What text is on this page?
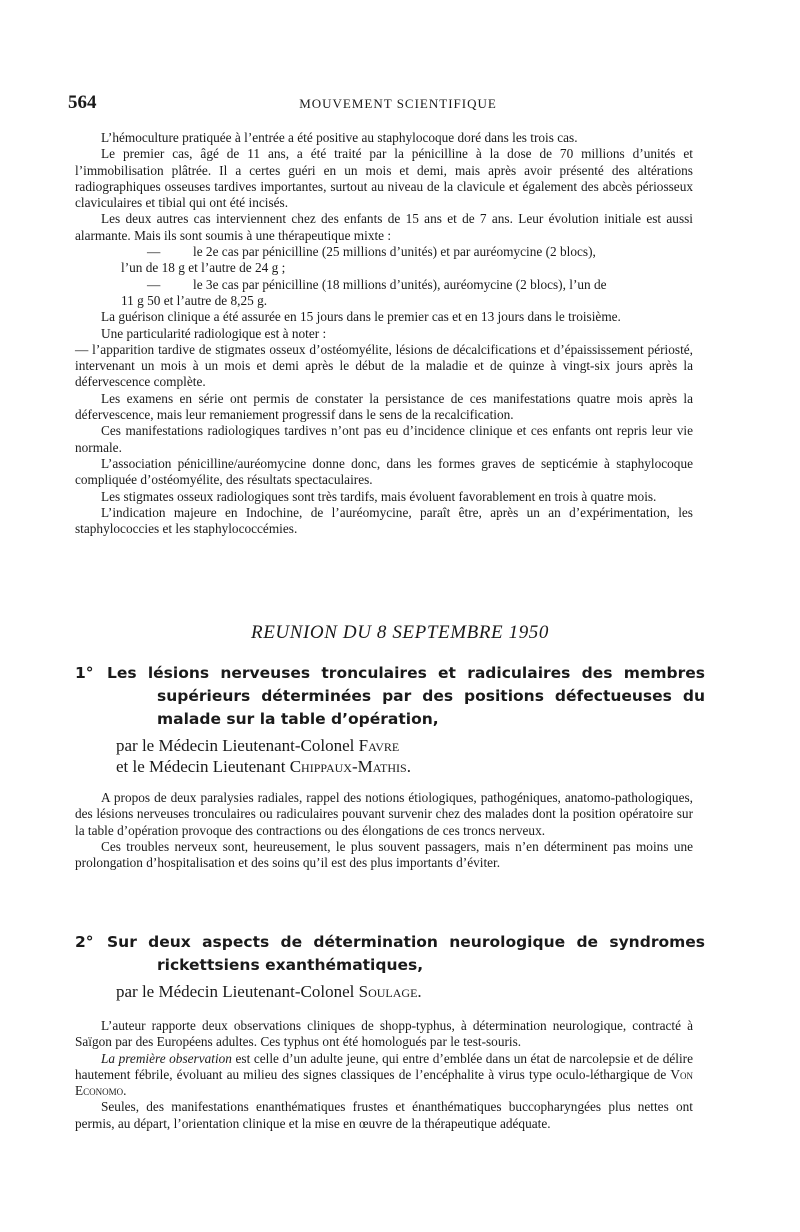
564	MOUVEMENT SCIENTIFIQUE

L’hémoculture pratiquée à l’entrée a été positive au staphylocoque doré dans les trois cas.

Le premier cas, âgé de 11 ans, a été traité par la pénicilline à la dose de 70 millions d’unités et l’immobilisation plâtrée. Il a certes guéri en un mois et demi, mais après avoir présenté des altérations radiographiques osseuses tardives importantes, surtout au niveau de la clavicule et également des abcès périosseux claviculaires et tibial qui ont été incisés.

Les deux autres cas interviennent chez des enfants de 15 ans et de 7 ans. Leur évolution initiale est aussi alarmante. Mais ils sont soumis à une thérapeutique mixte :

— le 2e cas par pénicilline (25 millions d’unités) et par auréomycine (2 blocs),
l’un de 18 g et l’autre de 24 g ;

— le 3e cas par pénicilline (18 millions d’unités), auréomycine (2 blocs), l’un de
11 g 50 et l’autre de 8,25 g.

La guérison clinique a été assurée en 15 jours dans le premier cas et en 13 jours dans le troisième.

Une particularité radiologique est à noter :

— l’apparition tardive de stigmates osseux d’ostéomyélite, lésions de décalcifications et d’épaississement périosté, intervenant un mois à un mois et demi après le début de la maladie et de quinze à vingt-six jours après la défervescence complète.

Les examens en série ont permis de constater la persistance de ces manifestations quatre mois après la défervescence, mais leur remaniement progressif dans le sens de la recalcification.

Ces manifestations radiologiques tardives n’ont pas eu d’incidence clinique et ces enfants ont repris leur vie normale.

L’association pénicilline/auréomycine donne donc, dans les formes graves de septicémie à staphylocoque compliquée d’ostéomyélite, des résultats spectaculaires.

Les stigmates osseux radiologiques sont très tardifs, mais évoluent favorablement en trois à quatre mois.

L’indication majeure en Indochine, de l’auréomycine, paraît être, après un an d’expérimentation, les staphylococcies et les staphylococcémies.

REUNION DU 8 SEPTEMBRE 1950
1° Les lésions nerveuses tronculaires et radiculaires des membres supérieurs déterminées par des positions défectueuses du malade sur la table d’opération,
par le Médecin Lieutenant-Colonel Favre
et le Médecin Lieutenant Chippaux-Mathis.

A propos de deux paralysies radiales, rappel des notions étiologiques, pathogéniques, anatomo-pathologiques, des lésions nerveuses tronculaires ou radiculaires pouvant survenir chez des malades dont la position opératoire sur la table d’opération provoque des contractions ou des élongations de ces troncs nerveux.

Ces troubles nerveux sont, heureusement, le plus souvent passagers, mais n’en déterminent pas moins une prolongation d’hospitalisation et des soins qu’il est des plus importants d’éviter.

2° Sur deux aspects de détermination neurologique de syndromes rickettsiens exanthématiques,
par le Médecin Lieutenant-Colonel Soulage.

L’auteur rapporte deux observations cliniques de shopp-typhus, à détermination neurologique, contracté à Saïgon par des Européens adultes. Ces typhus ont été homologués par le test-souris.

La première observation est celle d’un adulte jeune, qui entre d’emblée dans un état de narcolepsie et de délire hautement fébrile, évoluant au milieu des signes classiques de l’encéphalite à virus type oculo-léthargique de Von Economo.

Seules, des manifestations enanthématiques frustes et énanthématiques buccopharyngées plus nettes ont permis, au départ, l’orientation clinique et la mise en œuvre de la thérapeutique adéquate.
